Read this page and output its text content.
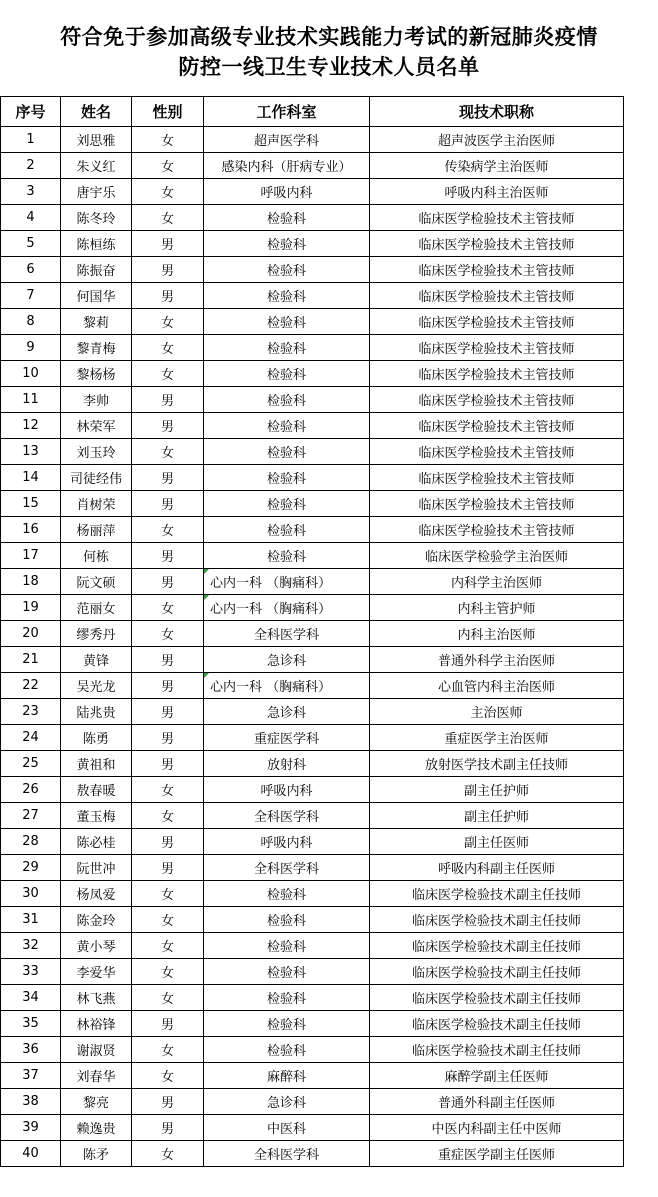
符合免于参加高级专业技术实践能力考试的新冠肺炎疫情
防控一线卫生专业技术人员名单
序号	姓名	性别	工作科室	现技术职称
1	刘思雅	女	超声医学科	超声波医学主治医师
2	朱义红	女	感染内科（肝病专业）	传染病学主治医师
3	唐宇乐	女	呼吸内科	呼吸内科主治医师
4	陈冬玲	女	检验科	临床医学检验技术主管技师
5	陈桓练	男	检验科	临床医学检验技术主管技师
6	陈振奋	男	检验科	临床医学检验技术主管技师
7	何国华	男	检验科	临床医学检验技术主管技师
8	黎莉	女	检验科	临床医学检验技术主管技师
9	黎青梅	女	检验科	临床医学检验技术主管技师
10	黎杨杨	女	检验科	临床医学检验技术主管技师
11	李帅	男	检验科	临床医学检验技术主管技师
12	林荣军	男	检验科	临床医学检验技术主管技师
13	刘玉玲	女	检验科	临床医学检验技术主管技师
14	司徒经伟	男	检验科	临床医学检验技术主管技师
15	肖树荣	男	检验科	临床医学检验技术主管技师
16	杨丽萍	女	检验科	临床医学检验技术主管技师
17	何栋	男	检验科	临床医学检验学主治医师
18	阮文硕	男	心内一科 （胸痛科）	内科学主治医师
19	范丽女	女	心内一科 （胸痛科）	内科主管护师
20	缪秀丹	女	全科医学科	内科主治医师
21	黄锋	男	急诊科	普通外科学主治医师
22	吴光龙	男	心内一科 （胸痛科）	心血管内科主治医师
23	陆兆贵	男	急诊科	主治医师
24	陈勇	男	重症医学科	重症医学主治医师
25	黄祖和	男	放射科	放射医学技术副主任技师
26	敖春暖	女	呼吸内科	副主任护师
27	董玉梅	女	全科医学科	副主任护师
28	陈必桂	男	呼吸内科	副主任医师
29	阮世冲	男	全科医学科	呼吸内科副主任医师
30	杨凤爱	女	检验科	临床医学检验技术副主任技师
31	陈金玲	女	检验科	临床医学检验技术副主任技师
32	黄小琴	女	检验科	临床医学检验技术副主任技师
33	李爱华	女	检验科	临床医学检验技术副主任技师
34	林飞燕	女	检验科	临床医学检验技术副主任技师
35	林裕锋	男	检验科	临床医学检验技术副主任技师
36	谢淑贤	女	检验科	临床医学检验技术副主任技师
37	刘春华	女	麻醉科	麻醉学副主任医师
38	黎亮	男	急诊科	普通外科副主任医师
39	赖逸贵	男	中医科	中医内科副主任中医师
40	陈矛	女	全科医学科	重症医学副主任医师
